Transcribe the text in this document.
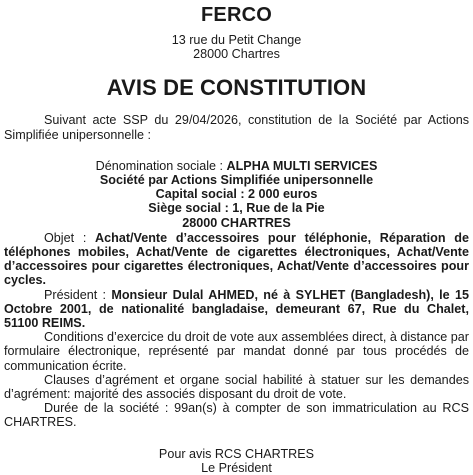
FERCO
13 rue du Petit Change
28000 Chartres
AVIS DE CONSTITUTION

Suivant acte SSP du 29/04/2026, constitution de la Société par Actions Simplifiée unipersonnelle :

Dénomination sociale : ALPHA MULTI SERVICES

Société par Actions Simplifiée unipersonnelle

Capital social : 2 000 euros

Siège social : 1, Rue de la Pie

28000 CHARTRES

Objet : Achat/Vente d’accessoires pour téléphonie, Réparation de téléphones mobiles, Achat/Vente de cigarettes électroniques, Achat/Vente d’accessoires pour cigarettes électroniques, Achat/Vente d’accessoires pour cycles.

Président : Monsieur Dulal AHMED, né à SYLHET (Bangladesh), le 15 Octobre 2001, de nationalité bangladaise, demeurant 67, Rue du Chalet, 51100 REIMS.

Conditions d’exercice du droit de vote aux assemblées direct, à distance par formulaire électronique, représenté par mandat donné par tous procédés de communication écrite.

Clauses d’agrément et organe social habilité à statuer sur les demandes d’agrément: majorité des associés disposant du droit de vote.

Durée de la société : 99an(s) à compter de son immatriculation au RCS CHARTRES.

Pour avis RCS CHARTRES
Le Président
